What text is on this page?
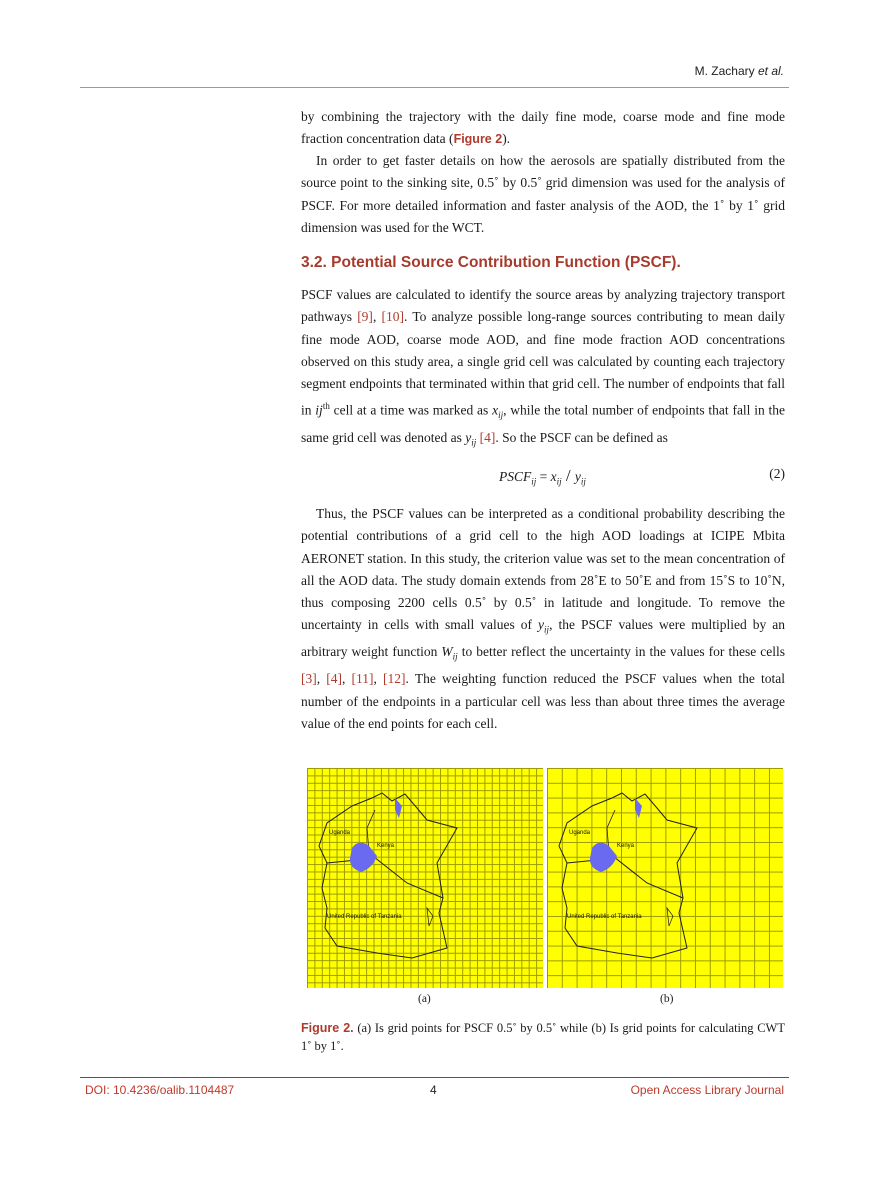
M. Zachary et al.

by combining the trajectory with the daily fine mode, coarse mode and fine mode fraction concentration data (Figure 2).

In order to get faster details on how the aerosols are spatially distributed from the source point to the sinking site, 0.5˚ by 0.5˚ grid dimension was used for the analysis of PSCF. For more detailed information and faster analysis of the AOD, the 1˚ by 1˚ grid dimension was used for the WCT.

3.2. Potential Source Contribution Function (PSCF).

PSCF values are calculated to identify the source areas by analyzing trajectory transport pathways [9], [10]. To analyze possible long-range sources contributing to mean daily fine mode AOD, coarse mode AOD, and fine mode fraction AOD concentrations observed on this study area, a single grid cell was calculated by counting each trajectory segment endpoints that terminated within that grid cell. The number of endpoints that fall in $ij^{th}$ cell at a time was marked as $x_{ij}$, while the total number of endpoints that fall in the same grid cell was denoted as $y_{ij}$ [4]. So the PSCF can be defined as

$PSCF_{ij} = x_{ij} / y_{ij}$
(2)

Thus, the PSCF values can be interpreted as a conditional probability describing the potential contributions of a grid cell to the high AOD loadings at ICIPE Mbita AERONET station. In this study, the criterion value was set to the mean concentration of all the AOD data. The study domain extends from 28˚E to 50˚E and from 15˚S to 10˚N, thus composing 2200 cells 0.5˚ by 0.5˚ in latitude and longitude. To remove the uncertainty in cells with small values of $y_{ij}$, the PSCF values were multiplied by an arbitrary weight function $W_{ij}$ to better reflect the uncertainty in the values for these cells [3], [4], [11], [12]. The weighting function reduced the PSCF values when the total number of the endpoints in a particular cell was less than about three times the average value of the end points for each cell.

Uganda
Kenya
United Republic of Tanzania
Uganda
Kenya
United Republic of Tanzania
(a)	(b)
Figure 2. (a) Is grid points for PSCF 0.5˚ by 0.5˚ while (b) Is grid points for calculating CWT 1˚ by 1˚.
DOI: 10.4236/oalib.1104487	4	Open Access Library Journal
